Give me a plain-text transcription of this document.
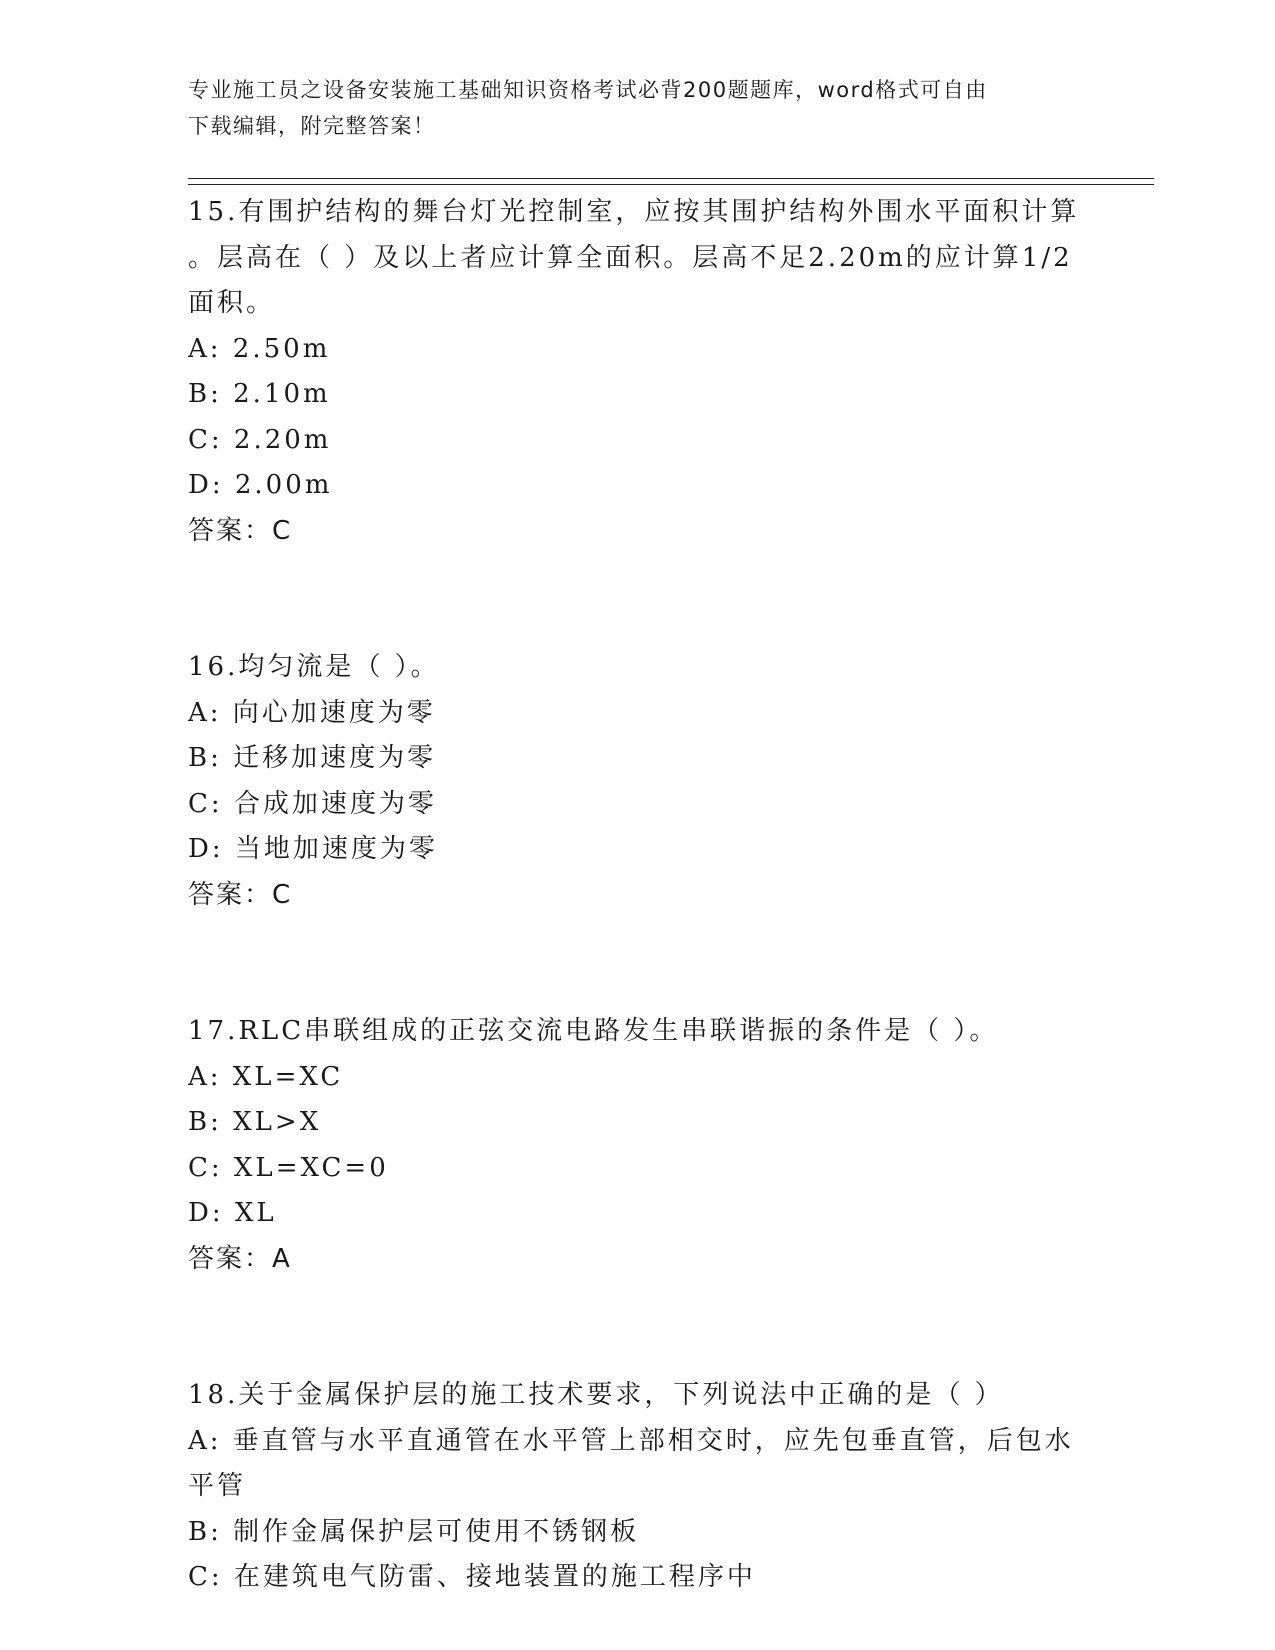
专业施工员之设备安装施工基础知识资格考试必背200题题库，word格式可自由
下载编辑，附完整答案！
15.有围护结构的舞台灯光控制室，应按其围护结构外围水平面积计算
。层高在（ ）及以上者应计算全面积。层高不足2.20m的应计算1/2
面积。
A: 2.50m
B: 2.10m
C: 2.20m
D: 2.00m
答案：C
16.均匀流是（ ）。
A: 向心加速度为零
B: 迁移加速度为零
C: 合成加速度为零
D: 当地加速度为零
答案：C
17.RLC串联组成的正弦交流电路发生串联谐振的条件是（ ）。
A: XL=XC
B: XL>X
C: XL=XC=0
D: XL
答案：A
18.关于金属保护层的施工技术要求，下列说法中正确的是（ ）
A: 垂直管与水平直通管在水平管上部相交时，应先包垂直管，后包水
平管
B: 制作金属保护层可使用不锈钢板
C: 在建筑电气防雷、接地装置的施工程序中
